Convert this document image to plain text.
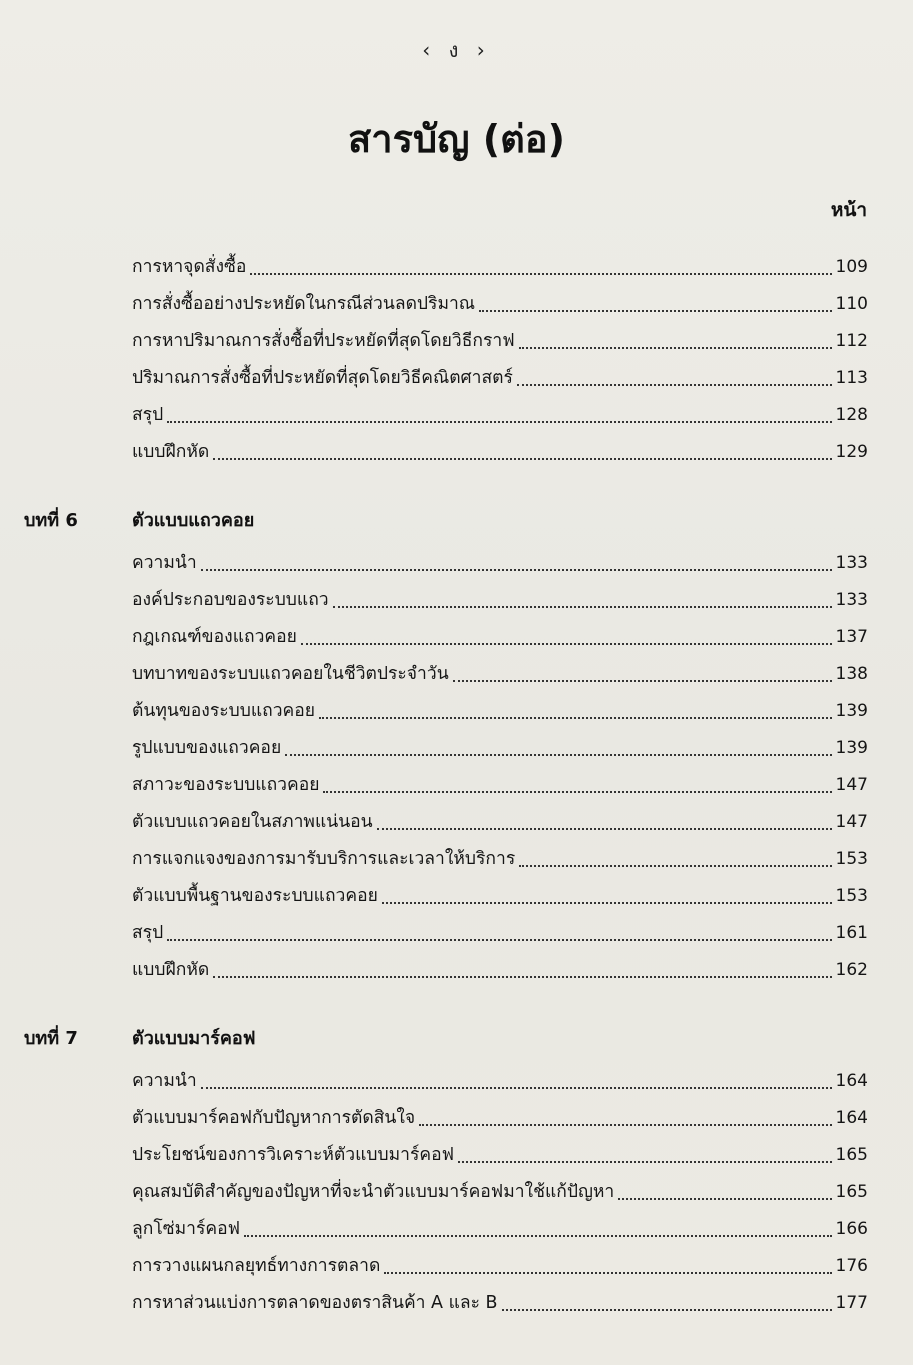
‹ ง ›
สารบัญ (ต่อ)
หน้า
การหาจุดสั่งซื้อ	109
การสั่งซื้ออย่างประหยัดในกรณีส่วนลดปริมาณ	110
การหาปริมาณการสั่งซื้อที่ประหยัดที่สุดโดยวิธีกราฟ	112
ปริมาณการสั่งซื้อที่ประหยัดที่สุดโดยวิธีคณิตศาสตร์	113
สรุป	128
แบบฝึกหัด	129
บทที่ 6	ตัวแบบแถวคอย
ความนำ	133
องค์ประกอบของระบบแถว	133
กฎเกณฑ์ของแถวคอย	137
บทบาทของระบบแถวคอยในชีวิตประจำวัน	138
ต้นทุนของระบบแถวคอย	139
รูปแบบของแถวคอย	139
สภาวะของระบบแถวคอย	147
ตัวแบบแถวคอยในสภาพแน่นอน	147
การแจกแจงของการมารับบริการและเวลาให้บริการ	153
ตัวแบบพื้นฐานของระบบแถวคอย	153
สรุป	161
แบบฝึกหัด	162
บทที่ 7	ตัวแบบมาร์คอฟ
ความนำ	164
ตัวแบบมาร์คอฟกับปัญหาการตัดสินใจ	164
ประโยชน์ของการวิเคราะห์ตัวแบบมาร์คอฟ	165
คุณสมบัติสำคัญของปัญหาที่จะนำตัวแบบมาร์คอฟมาใช้แก้ปัญหา	165
ลูกโซ่มาร์คอฟ	166
การวางแผนกลยุทธ์ทางการตลาด	176
การหาส่วนแบ่งการตลาดของตราสินค้า A และ B	177
